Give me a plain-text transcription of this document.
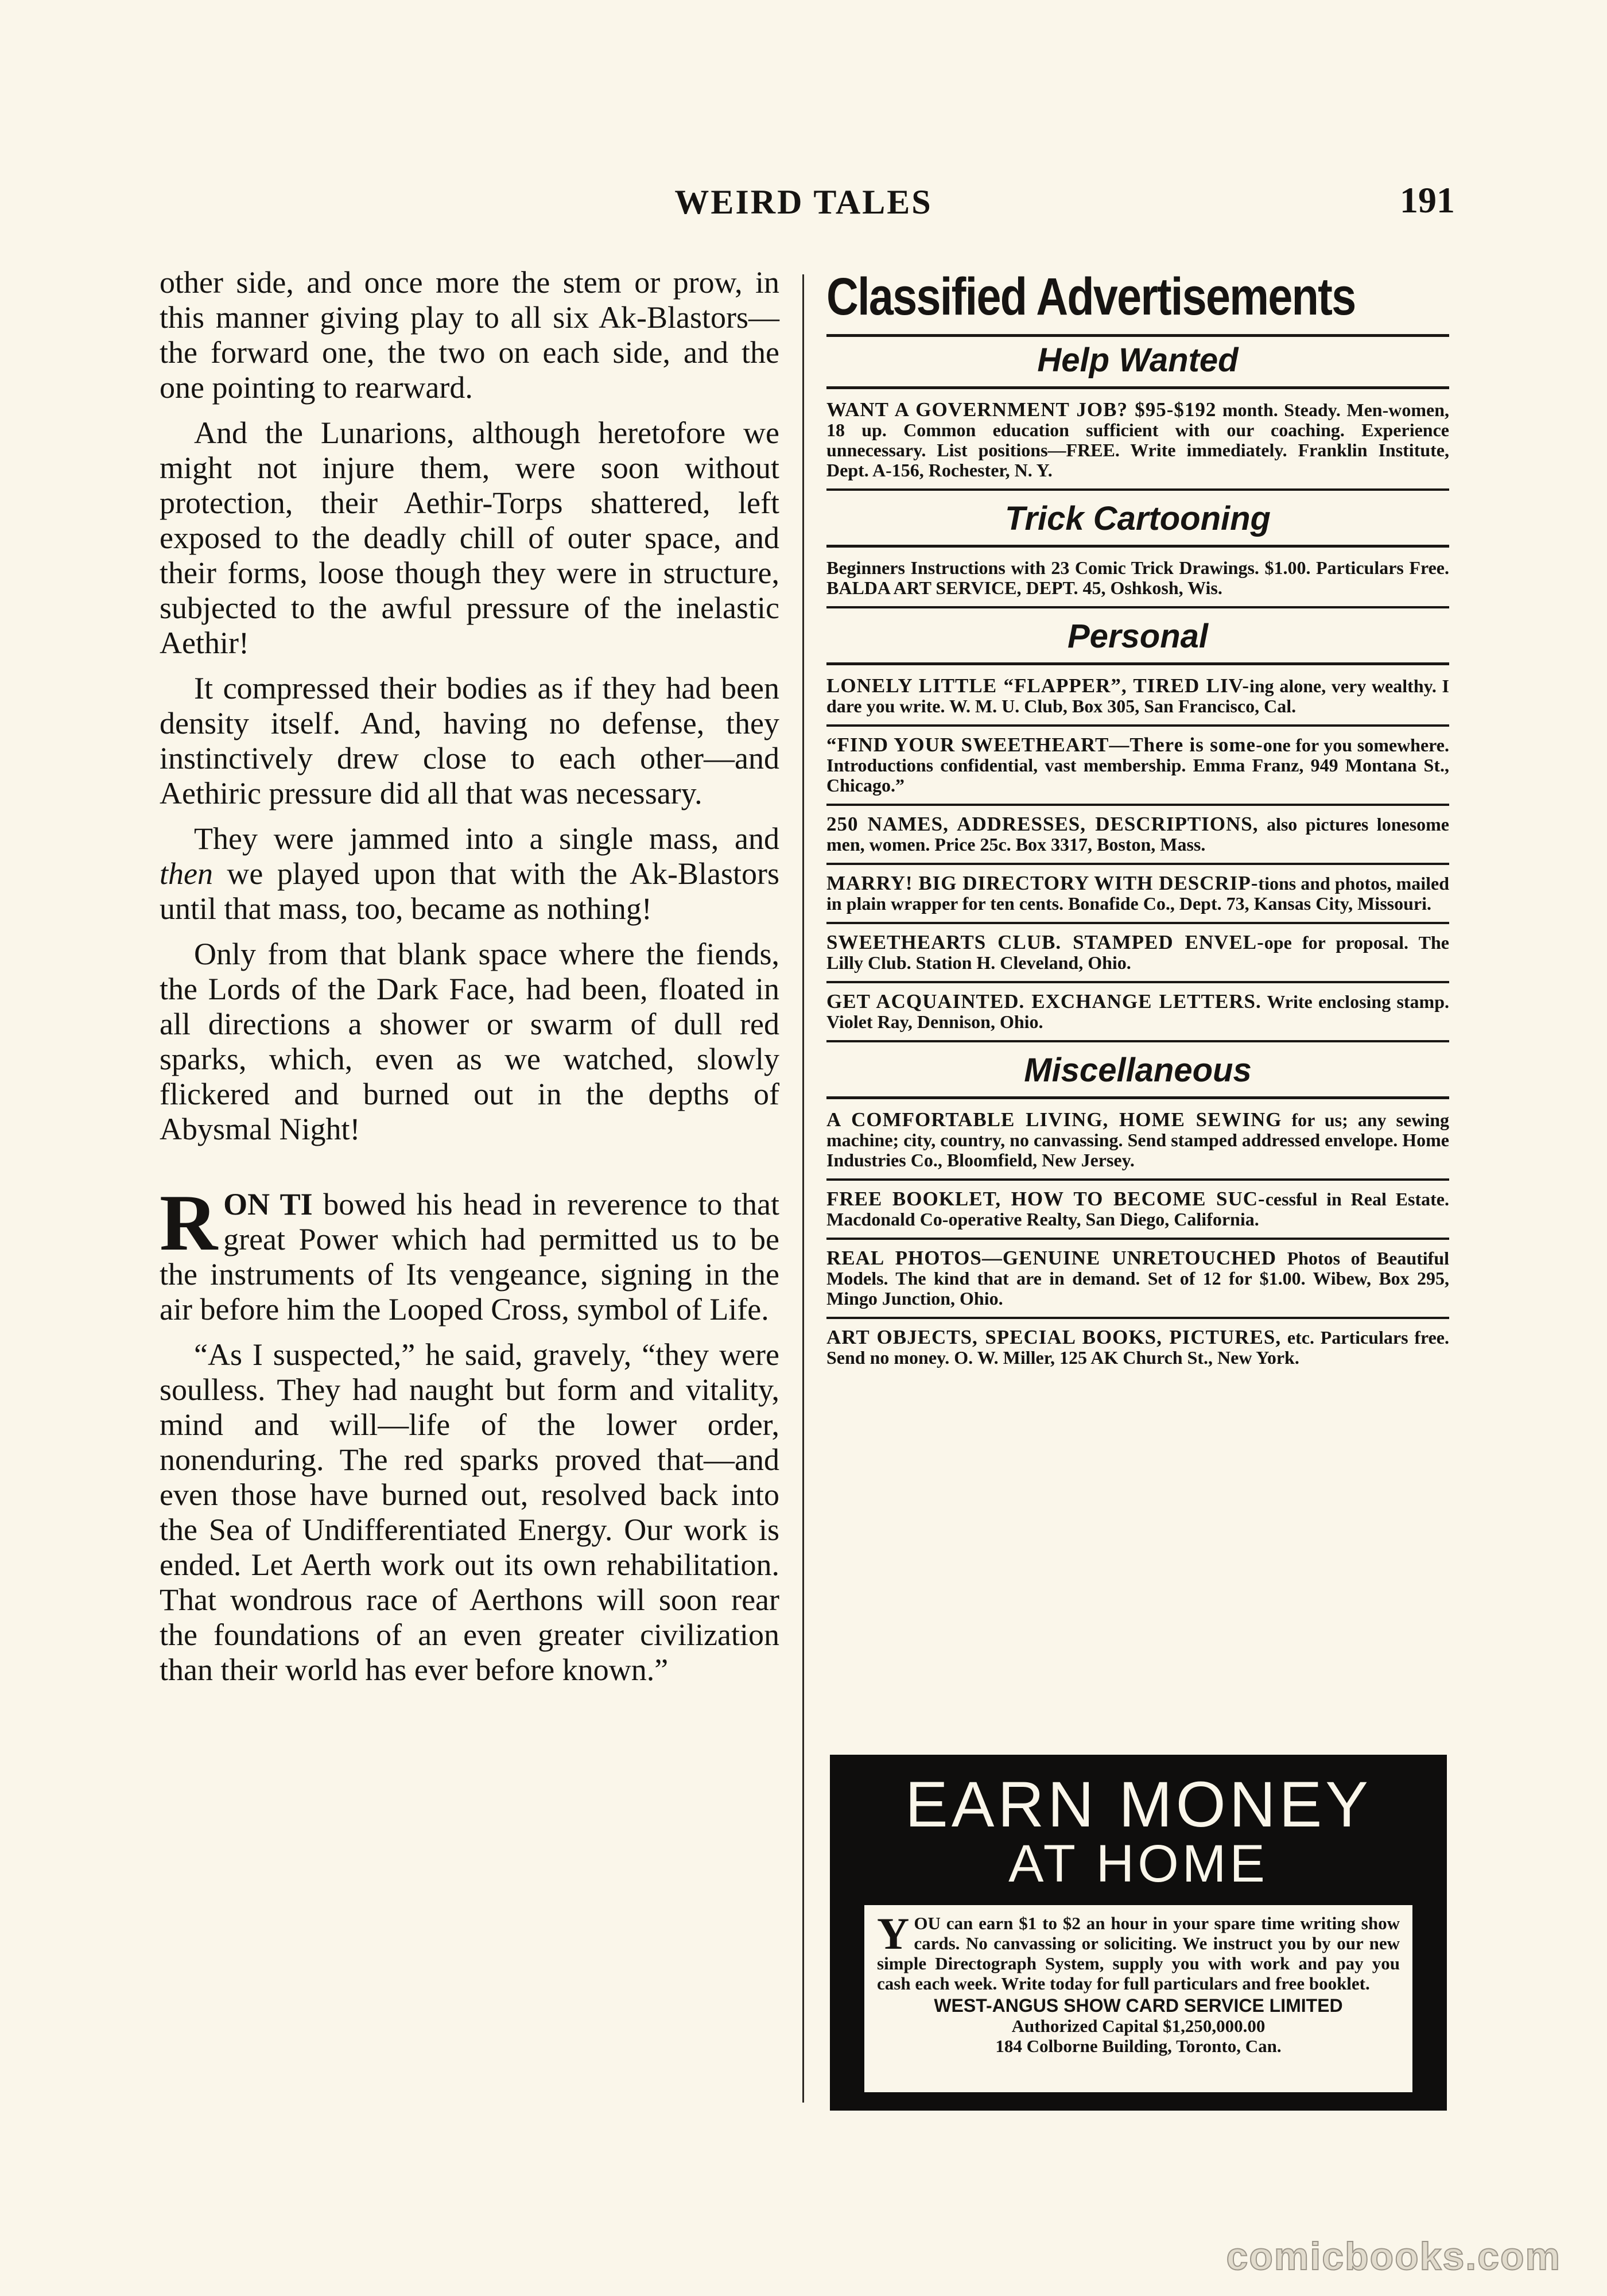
WEIRD TALES	191

other side, and once more the stem or prow, in this manner giving play to all six Ak-Blastors—the forward one, the two on each side, and the one pointing to rearward.

And the Lunarions, although heretofore we might not injure them, were soon without protection, their Aethir-Torps shattered, left exposed to the deadly chill of outer space, and their forms, loose though they were in structure, subjected to the awful pressure of the inelastic Aethir!

It compressed their bodies as if they had been density itself. And, having no defense, they instinctively drew close to each other—and Aethiric pressure did all that was necessary.

They were jammed into a single mass, and then we played upon that with the Ak-Blastors until that mass, too, became as nothing!

Only from that blank space where the fiends, the Lords of the Dark Face, had been, floated in all directions a shower or swarm of dull red sparks, which, even as we watched, slowly flickered and burned out in the depths of Abysmal Night!

RON TI bowed his head in reverence to that great Power which had permitted us to be the instruments of Its vengeance, signing in the air before him the Looped Cross, symbol of Life.

“As I suspected,” he said, gravely, “they were soulless. They had naught but form and vitality, mind and will—life of the lower order, nonenduring. The red sparks proved that—and even those have burned out, resolved back into the Sea of Undifferentiated Energy. Our work is ended. Let Aerth work out its own rehabilitation. That wondrous race of Aerthons will soon rear the foundations of an even greater civilization than their world has ever before known.”

Classified Advertisements
Help Wanted
WANT A GOVERNMENT JOB? $95-$192 month. Steady. Men-women, 18 up. Common education sufficient with our coaching. Experience unnecessary. List positions—FREE. Write immediately. Franklin Institute, Dept. A-156, Rochester, N. Y.
Trick Cartooning
Beginners Instructions with 23 Comic Trick Drawings. $1.00. Particulars Free. BALDA ART SERVICE, DEPT. 45, Oshkosh, Wis.
Personal
LONELY LITTLE “FLAPPER”, TIRED LIV-ing alone, very wealthy. I dare you write. W. M. U. Club, Box 305, San Francisco, Cal.
“FIND YOUR SWEETHEART—There is some-one for you somewhere. Introductions confidential, vast membership. Emma Franz, 949 Montana St., Chicago.”
250 NAMES, ADDRESSES, DESCRIPTIONS, also pictures lonesome men, women. Price 25c. Box 3317, Boston, Mass.
MARRY! BIG DIRECTORY WITH DESCRIP-tions and photos, mailed in plain wrapper for ten cents. Bonafide Co., Dept. 73, Kansas City, Missouri.
SWEETHEARTS CLUB. STAMPED ENVEL-ope for proposal. The Lilly Club. Station H. Cleveland, Ohio.
GET ACQUAINTED. EXCHANGE LETTERS. Write enclosing stamp. Violet Ray, Dennison, Ohio.
Miscellaneous
A COMFORTABLE LIVING, HOME SEWING for us; any sewing machine; city, country, no canvassing. Send stamped addressed envelope. Home Industries Co., Bloomfield, New Jersey.
FREE BOOKLET, HOW TO BECOME SUC-cessful in Real Estate. Macdonald Co-operative Realty, San Diego, California.
REAL PHOTOS—GENUINE UNRETOUCHED Photos of Beautiful Models. The kind that are in demand. Set of 12 for $1.00. Wibew, Box 295, Mingo Junction, Ohio.
ART OBJECTS, SPECIAL BOOKS, PICTURES, etc. Particulars free. Send no money. O. W. Miller, 125 AK Church St., New York.
EARN MONEY
AT HOME
YOU can earn $1 to $2 an hour in your spare time writing show cards. No canvassing or soliciting. We instruct you by our new simple Directograph System, supply you with work and pay you cash each week. Write today for full particulars and free booklet.
WEST-ANGUS SHOW CARD SERVICE LIMITED
Authorized Capital $1,250,000.00
184 Colborne Building, Toronto, Can.
comicbooks.com
